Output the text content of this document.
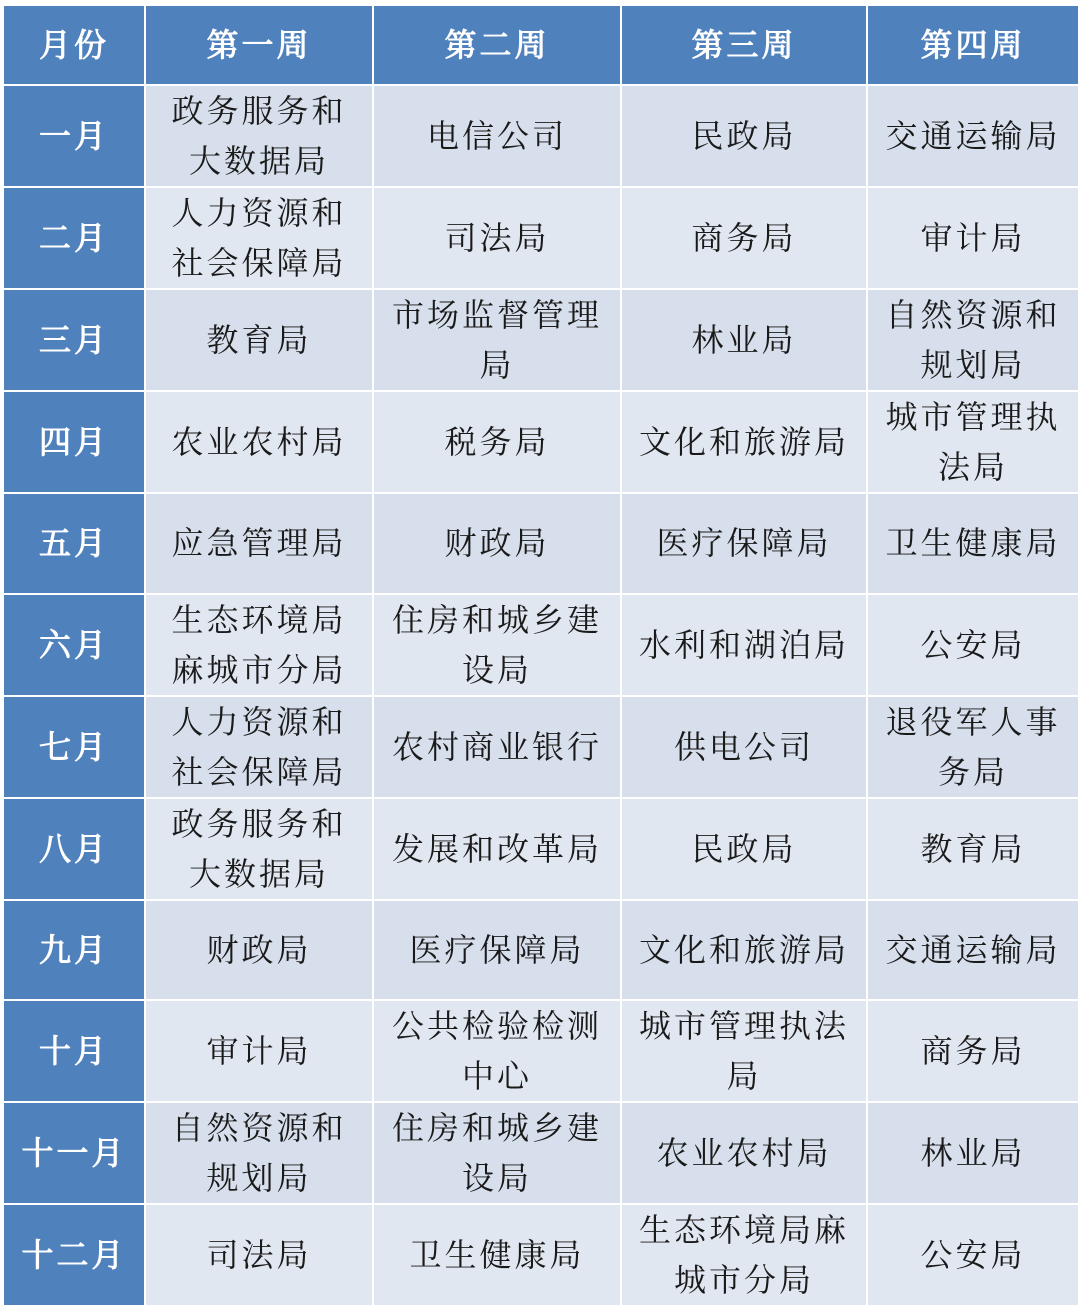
月份	第一周	第二周	第三周	第四周
一月	政务服务和大数据局	电信公司	民政局	交通运输局
二月	人力资源和社会保障局	司法局	商务局	审计局
三月	教育局	市场监督管理局	林业局	自然资源和规划局
四月	农业农村局	税务局	文化和旅游局	城市管理执法局
五月	应急管理局	财政局	医疗保障局	卫生健康局
六月	生态环境局麻城市分局	住房和城乡建设局	水利和湖泊局	公安局
七月	人力资源和社会保障局	农村商业银行	供电公司	退役军人事务局
八月	政务服务和大数据局	发展和改革局	民政局	教育局
九月	财政局	医疗保障局	文化和旅游局	交通运输局
十月	审计局	公共检验检测中心	城市管理执法局	商务局
十一月	自然资源和规划局	住房和城乡建设局	农业农村局	林业局
十二月	司法局	卫生健康局	生态环境局麻城市分局	公安局
